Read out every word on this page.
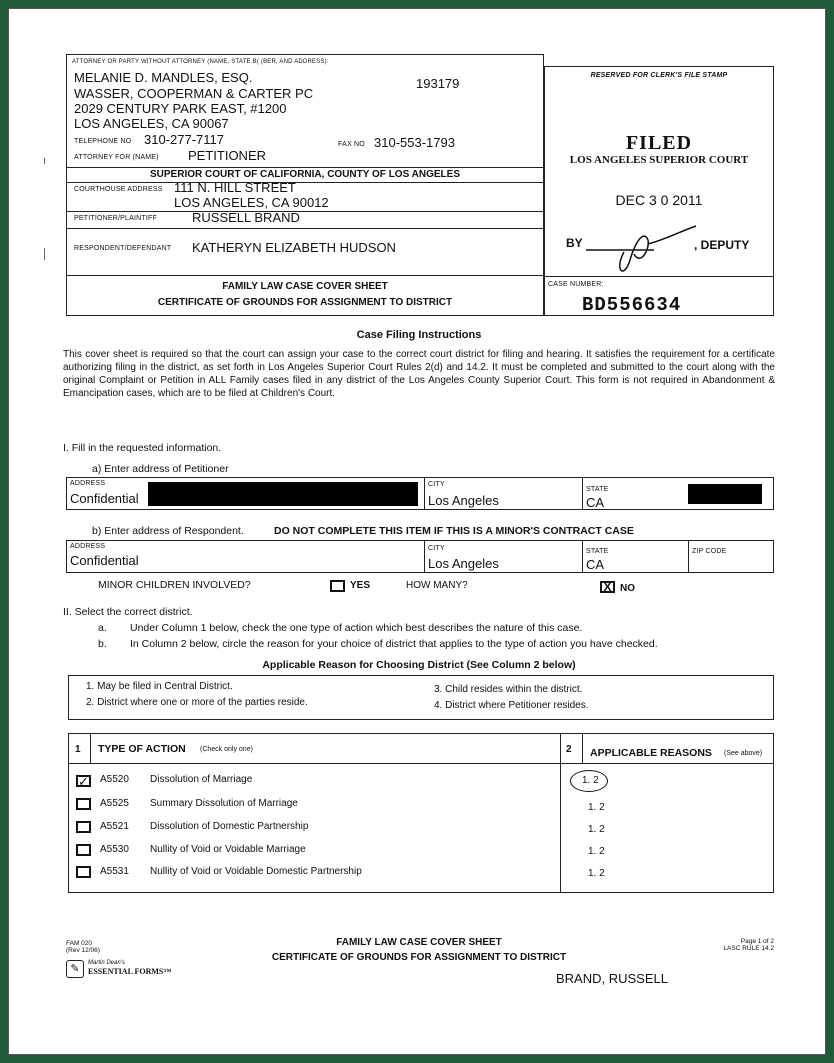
ATTORNEY OR PARTY WITHOUT ATTORNEY (NAME, STATE B( (BER, AND ADDRESS):
MELANIE D. MANDLES, ESQ.	193179
WASSER, COOPERMAN & CARTER PC
2029 CENTURY PARK EAST, #1200
LOS ANGELES, CA 90067
TELEPHONE NO 310-277-7117	FAX NO 310-553-1793
ATTORNEY FOR (NAME) PETITIONER
SUPERIOR COURT OF CALIFORNIA, COUNTY OF LOS ANGELES
COURTHOUSE ADDRESS 111 N. HILL STREET
LOS ANGELES, CA 90012
PETITIONER/PLAINTIFF	RUSSELL BRAND
RESPONDENT/DEFENDANT KATHERYN ELIZABETH HUDSON
FAMILY LAW CASE COVER SHEET
CERTIFICATE OF GROUNDS FOR ASSIGNMENT TO DISTRICT
RESERVED FOR CLERK'S FILE STAMP
FILED
LOS ANGELES SUPERIOR COURT
DEC 3 0 2011
BY	, DEPUTY
CASE NUMBER:
BD556634
Case Filing Instructions
This cover sheet is required so that the court can assign your case to the correct court district for filing and hearing. It satisfies the requirement for a certificate authorizing filing in the district, as set forth in Los Angeles Superior Court Rules 2(d) and 14.2. It must be completed and submitted to the court along with the original Complaint or Petition in ALL Family cases filed in any district of the Los Angeles County Superior Court. This form is not required in Abandonment & Emancipation cases, which are to be filed at Children's Court.
I. Fill in the requested information.
a) Enter address of Petitioner
ADDRESS
Confidential
CITY
Los Angeles
STATE
CA
b) Enter address of Respondent.	DO NOT COMPLETE THIS ITEM IF THIS IS A MINOR'S CONTRACT CASE
ADDRESS
Confidential
CITY
Los Angeles
STATE
CA
ZIP CODE
MINOR CHILDREN INVOLVED?	YES	HOW MANY?	X NO
II. Select the correct district.
a. Under Column 1 below, check the one type of action which best describes the nature of this case.
b. In Column 2 below, circle the reason for your choice of district that applies to the type of action you have checked.
Applicable Reason for Choosing District (See Column 2 below)
1. May be filed in Central District.
2. District where one or more of the parties reside.
3. Child resides within the district.
4. District where Petitioner resides.
1 TYPE OF ACTION (Check only one)	2 APPLICABLE REASONS (See above)
✓ A5520 Dissolution of Marriage	1. 2
A5525 Summary Dissolution of Marriage	1. 2
A5521 Dissolution of Domestic Partnership	1. 2
A5530 Nullity of Void or Voidable Marriage	1. 2
A5531 Nullity of Void or Voidable Domestic Partnership	1. 2
FAM 020
(Rev 12/06)
✎	Martin Dean's
ESSENTIAL FORMS™
FAMILY LAW CASE COVER SHEET
CERTIFICATE OF GROUNDS FOR ASSIGNMENT TO DISTRICT
Page 1 of 2
LASC RULE 14.2
BRAND, RUSSELL
